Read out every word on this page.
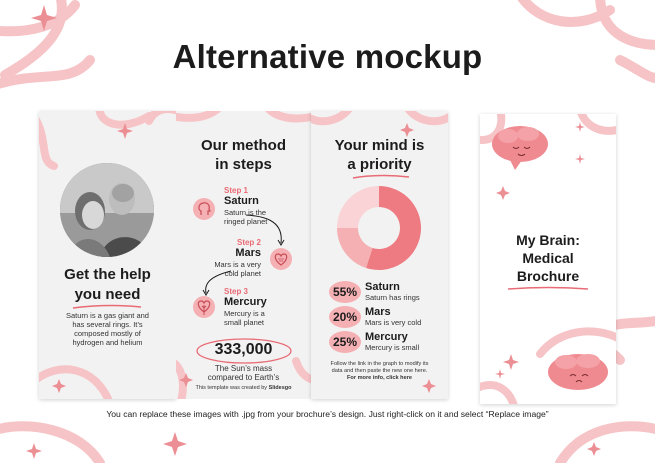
Alternative mockup
Get the help
you need
Saturn is a gas giant and
has several rings. It’s
composed mostly of
hydrogen and helium
Our method
in steps
Step 1
Saturn
Saturn is the
ringed planet
Step 2
Mars
Mars is a very
cold planet
Step 3
Mercury
Mercury is a
small planet
333,000
The Sun’s mass
compared to Earth’s
This template was created by Slidesgo
Your mind is
a priority
55% Saturn
Saturn has rings
20% Mars
Mars is very cold
25% Mercury
Mercury is small
Follow the link in the graph to modify its
data and then paste the new one here.
For more info, click here
My Brain:
Medical
Brochure
You can replace these images with .jpg from your brochure’s design. Just right-click on it and select “Replace image”
